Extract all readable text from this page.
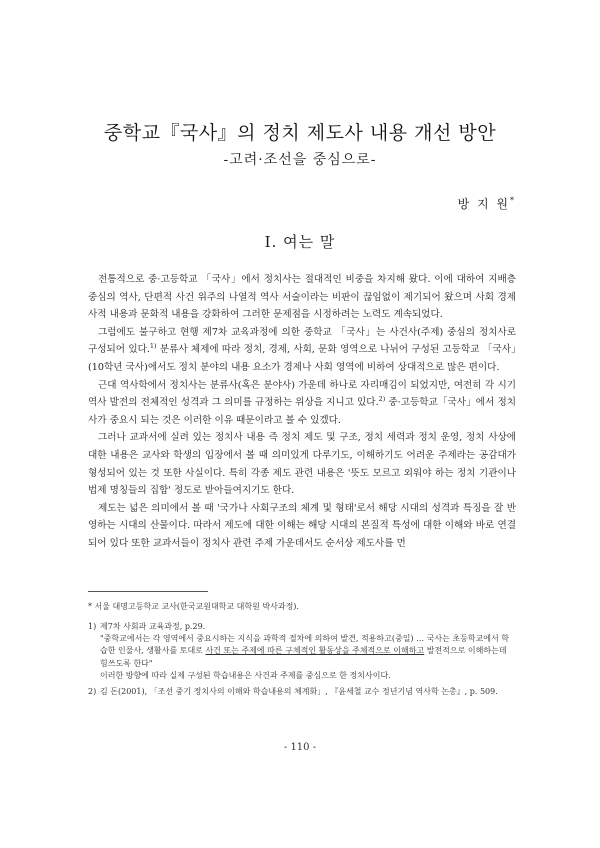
중학교『국사』의 정치 제도사 내용 개선 방안
-고려·조선을 중심으로-
방 지 원*
Ⅰ. 여는 말

전통적으로 중·고등학교 「국사」에서 정치사는 절대적인 비중을 차지해 왔다. 이에 대하여 지배층 중심의 역사, 단편적 사건 위주의 나열적 역사 서술이라는 비판이 끊임없이 제기되어 왔으며 사회 경제사적 내용과 문화적 내용을 강화하여 그러한 문제점을 시정하려는 노력도 계속되었다.

그럼에도 불구하고 현행 제7차 교육과정에 의한 중학교 「국사」는 사건사(주제) 중심의 정치사로 구성되어 있다.$^{1)}$ 분류사 체제에 따라 정치, 경제, 사회, 문화 영역으로 나뉘어 구성된 고등학교 「국사」(10학년 국사)에서도 정치 분야의 내용 요소가 경제나 사회 영역에 비하여 상대적으로 많은 편이다.

근대 역사학에서 정치사는 분류사(혹은 분야사) 가운데 하나로 자리매김이 되었지만, 여전히 각 시기 역사 발전의 전체적인 성격과 그 의미를 규정하는 위상을 지니고 있다.$^{2)}$ 중·고등학교「국사」에서 정치사가 중요시 되는 것은 이러한 이유 때문이라고 볼 수 있겠다.

그러나 교과서에 실려 있는 정치사 내용 즉 정치 제도 및 구조, 정치 세력과 정치 운영, 정치 사상에 대한 내용은 교사와 학생의 입장에서 볼 때 의미있게 다루기도, 이해하기도 어려운 주제라는 공감대가 형성되어 있는 것 또한 사실이다. 특히 각종 제도 관련 내용은 '뜻도 모르고 외워야 하는 정치 기관이나 법제 명칭들의 집합' 정도로 받아들여지기도 한다.

제도는 넓은 의미에서 볼 때 '국가나 사회구조의 체계 및 형태'로서 해당 시대의 성격과 특징을 잘 반영하는 시대의 산물이다. 따라서 제도에 대한 이해는 해당 시대의 본질적 특성에 대한 이해와 바로 연결되어 있다 또한 교과서들이 정치사 관련 주제 가운데서도 순서상 제도사를 먼

* 서울 대명고등학교 교사(한국교원대학교 대학원 박사과정).
1) 제7차 사회과 교육과정, p.29.
"중학교에서는 각 영역에서 중요시하는 지식을 과학적 절차에 의하여 발견, 적용하고(중일) … 국사는 초등학교에서 학습한 인물사, 생활사를 토대로 사건 또는 주제에 따른 구체적인 활동상을 주체적으로 이해하고 발전적으로 이해하는데 힘쓰도록 한다"
이러한 방향에 따라 실제 구성된 학습내용은 사건과 주제를 중심으로 한 정치사이다.
2) 김 돈(2001), 「조선 중기 정치사의 이해와 학습내용의 체계화」, 『윤세철 교수 정년기념 역사학 논총』, p. 509.
- 110 -
